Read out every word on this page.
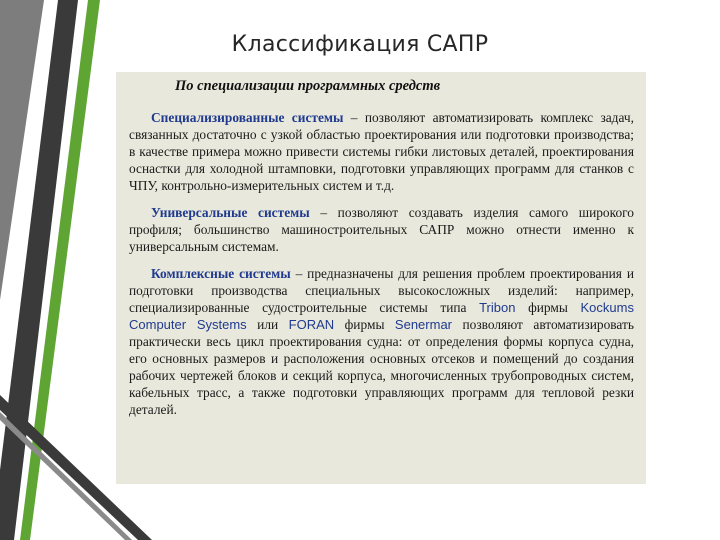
Классификация САПР
По специализации программных средств

Специализированные системы – позволяют автоматизировать комплекс задач, связанных достаточно с узкой областью проектирования или подготовки производства; в качестве примера можно привести системы гибки листовых деталей, проектирования оснастки для холодной штамповки, подготовки управляющих программ для станков с ЧПУ, контрольно-измерительных систем и т.д.

Универсальные системы – позволяют создавать изделия самого широкого профиля; большинство машиностроительных САПР можно отнести именно к универсальным системам.

Комплексные системы – предназначены для решения проблем проектирования и подготовки производства специальных высокосложных изделий: например, специализированные судостроительные системы типа Tribon фирмы Kockums Computer Systems или FORAN фирмы Senermar позволяют автоматизировать практически весь цикл проектирования судна: от определения формы корпуса судна, его основных размеров и расположения основных отсеков и помещений до создания рабочих чертежей блоков и секций корпуса, многочисленных трубопроводных систем, кабельных трасс, а также подготовки управляющих программ для тепловой резки деталей.
